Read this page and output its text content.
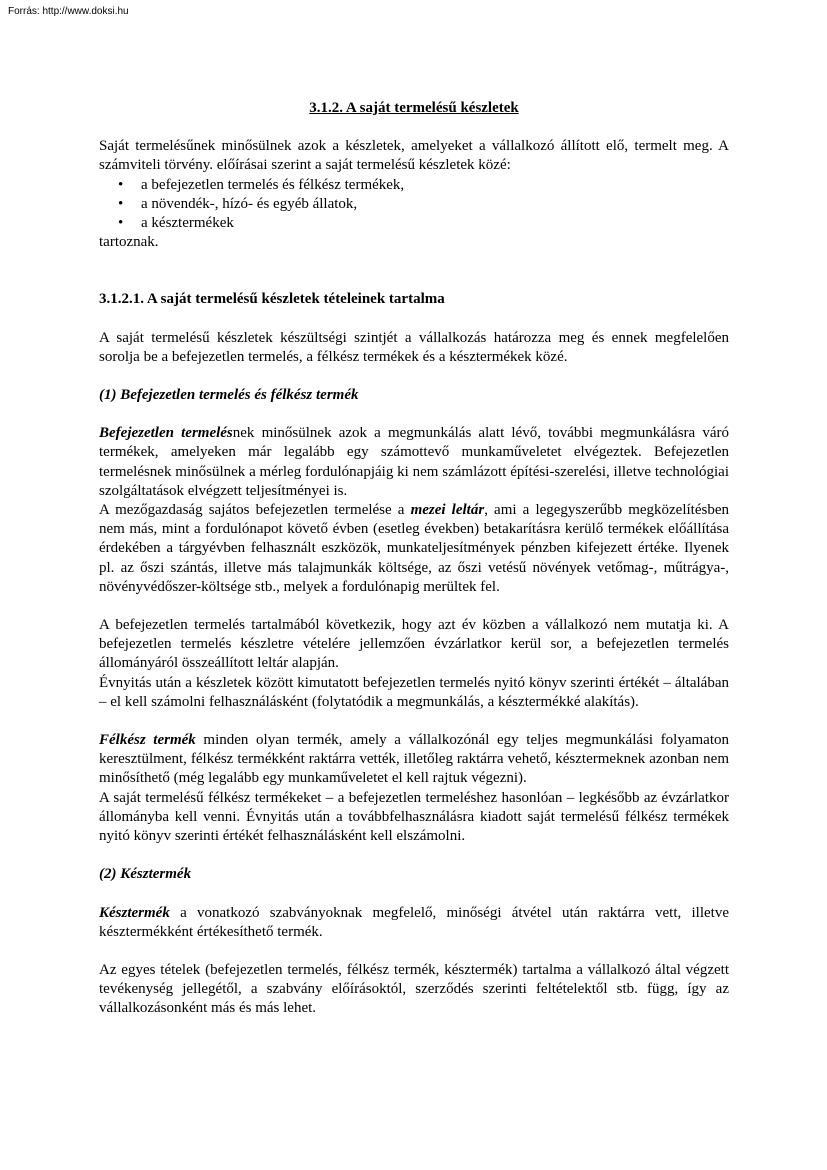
Forrás: http://www.doksi.hu
3.1.2. A saját termelésű készletek

Saját termelésűnek minősülnek azok a készletek, amelyeket a vállalkozó állított elő, termelt meg. A számviteli törvény. előírásai szerint a saját termelésű készletek közé:

• a befejezetlen termelés és félkész termékek,
• a növendék-, hízó- és egyéb állatok,
• a késztermékek

tartoznak.

3.1.2.1. A saját termelésű készletek tételeinek tartalma

A saját termelésű készletek készültségi szintjét a vállalkozás határozza meg és ennek megfelelően sorolja be a befejezetlen termelés, a félkész termékek és a késztermékek közé.

(1) Befejezetlen termelés és félkész termék

Befejezetlen termelésnek minősülnek azok a megmunkálás alatt lévő, további megmunkálásra váró termékek, amelyeken már legalább egy számottevő munkaműveletet elvégeztek. Befejezetlen termelésnek minősülnek a mérleg fordulónapjáig ki nem számlázott építési-szerelési, illetve technológiai szolgáltatások elvégzett teljesítményei is.

A mezőgazdaság sajátos befejezetlen termelése a mezei leltár, ami a legegyszerűbb megközelítésben nem más, mint a fordulónapot követő évben (esetleg években) betakarításra kerülő termékek előállítása érdekében a tárgyévben felhasznált eszközök, munkateljesítmények pénzben kifejezett értéke. Ilyenek pl. az őszi szántás, illetve más talajmunkák költsége, az őszi vetésű növények vetőmag-, műtrágya-, növényvédőszer-költsége stb., melyek a fordulónapig merültek fel.

A befejezetlen termelés tartalmából következik, hogy azt év közben a vállalkozó nem mutatja ki. A befejezetlen termelés készletre vételére jellemzően évzárlatkor kerül sor, a befejezetlen termelés állományáról összeállított leltár alapján.

Évnyitás után a készletek között kimutatott befejezetlen termelés nyitó könyv szerinti értékét – általában – el kell számolni felhasználásként (folytatódik a megmunkálás, a késztermékké alakítás).

Félkész termék minden olyan termék, amely a vállalkozónál egy teljes megmunkálási folyamaton keresztülment, félkész termékként raktárra vették, illetőleg raktárra vehető, késztermeknek azonban nem minősíthető (még legalább egy munkaműveletet el kell rajtuk végezni).

A saját termelésű félkész termékeket – a befejezetlen termeléshez hasonlóan – legkésőbb az évzárlatkor állományba kell venni. Évnyitás után a továbbfelhasználásra kiadott saját termelésű félkész termékek nyitó könyv szerinti értékét felhasználásként kell elszámolni.

(2) Késztermék

Késztermék a vonatkozó szabványoknak megfelelő, minőségi átvétel után raktárra vett, illetve késztermékként értékesíthető termék.

Az egyes tételek (befejezetlen termelés, félkész termék, késztermék) tartalma a vállalkozó által végzett tevékenység jellegétől, a szabvány előírásoktól, szerződés szerinti feltételektől stb. függ, így az vállalkozásonként más és más lehet.
